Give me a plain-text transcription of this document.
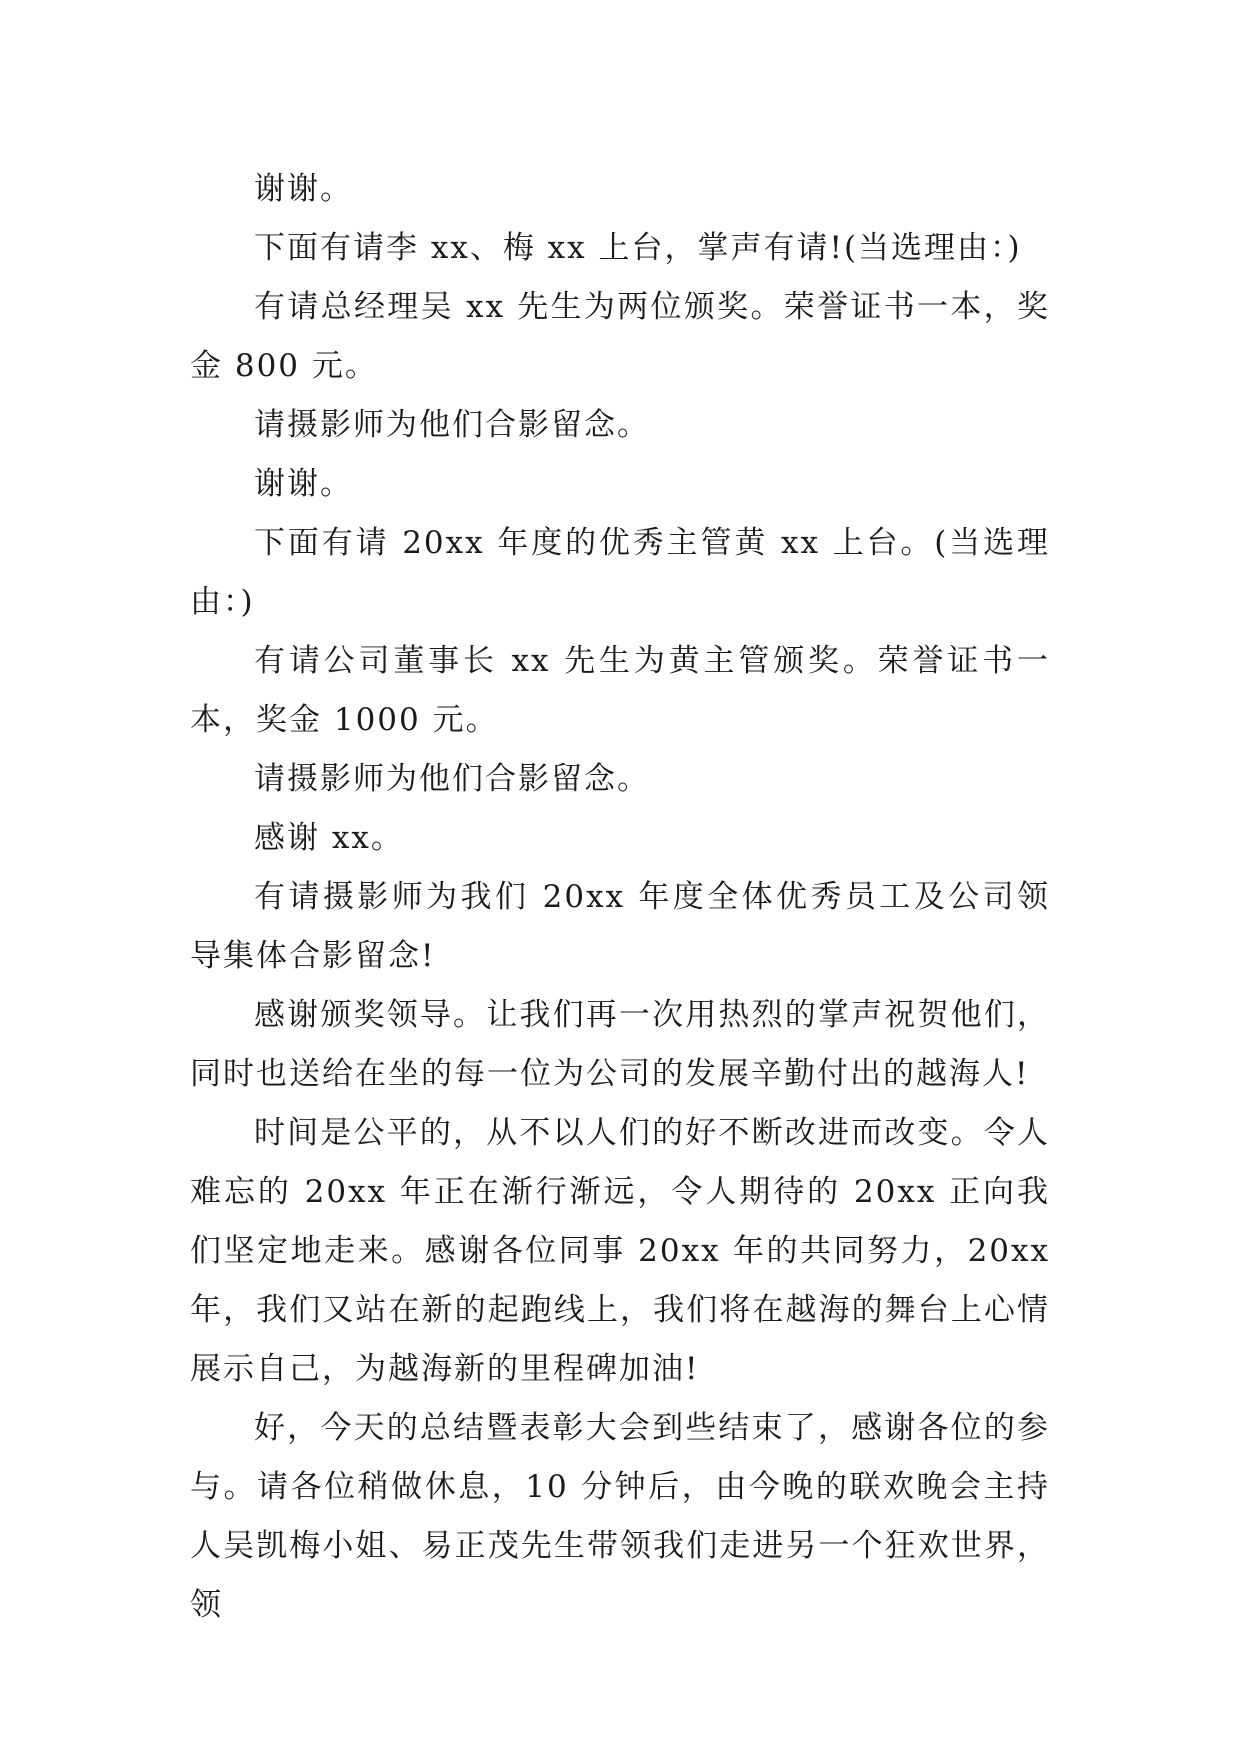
谢谢。

下面有请李 xx、梅 xx 上台，掌声有请!(当选理由：)

有请总经理吴 xx 先生为两位颁奖。荣誉证书一本，奖金 800 元。

请摄影师为他们合影留念。

谢谢。

下面有请 20xx 年度的优秀主管黄 xx 上台。(当选理由：)

有请公司董事长 xx 先生为黄主管颁奖。荣誉证书一本，奖金 1000 元。

请摄影师为他们合影留念。

感谢 xx。

有请摄影师为我们 20xx 年度全体优秀员工及公司领导集体合影留念!

感谢颁奖领导。让我们再一次用热烈的掌声祝贺他们，同时也送给在坐的每一位为公司的发展辛勤付出的越海人!

时间是公平的，从不以人们的好不断改进而改变。令人难忘的 20xx 年正在渐行渐远，令人期待的 20xx 正向我们坚定地走来。感谢各位同事 20xx 年的共同努力，20xx 年，我们又站在新的起跑线上，我们将在越海的舞台上心情展示自己，为越海新的里程碑加油!

好，今天的总结暨表彰大会到些结束了，感谢各位的参与。请各位稍做休息，10 分钟后，由今晚的联欢晚会主持人吴凯梅小姐、易正茂先生带领我们走进另一个狂欢世界，领
